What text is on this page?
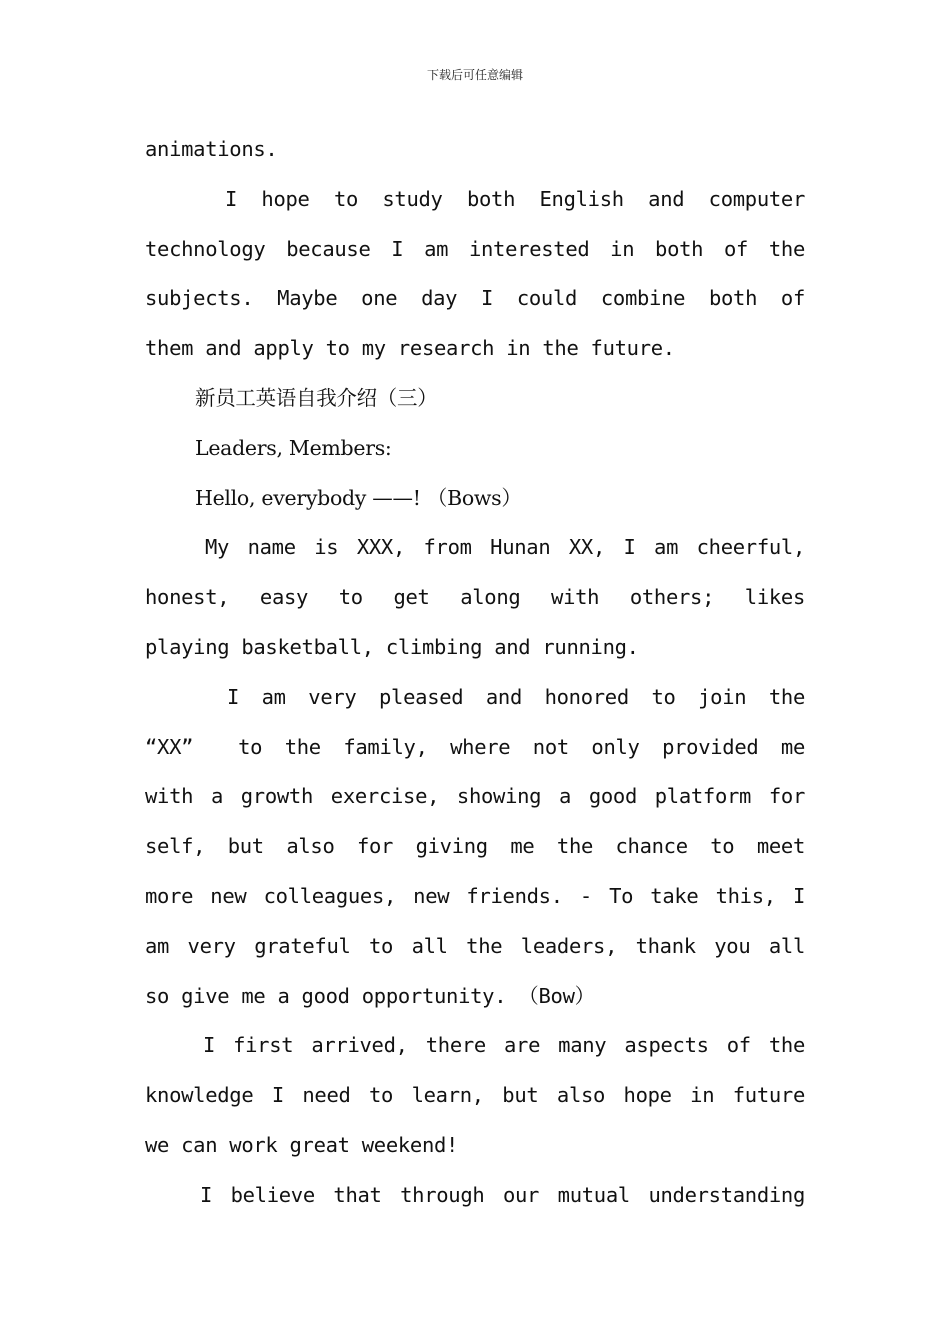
下载后可任意编辑
animations.
I  hope  to  study  both  English  and  computer
technology because I am interested in both of the
subjects. Maybe one day I could combine both of
them and apply to my research in the future.
新员工英语自我介绍（三）
Leaders, Members:
Hello, everybody ——! （Bows）
My name is XXX, from Hunan XX, I am cheerful,
honest,  easy  to  get  along  with  others;  likes
playing basketball, climbing and running.
I am very pleased and honored to join the
“XX”  to the family, where not only provided me
with a growth exercise, showing a good platform for
self, but also for giving me the chance to meet
more new colleagues, new friends. - To take this, I
am very grateful to all the leaders, thank you all
so give me a good opportunity. （Bow）
I first arrived, there are many aspects of the
knowledge I need to learn, but also hope in future
we can work great weekend!
I believe that through our mutual understanding
